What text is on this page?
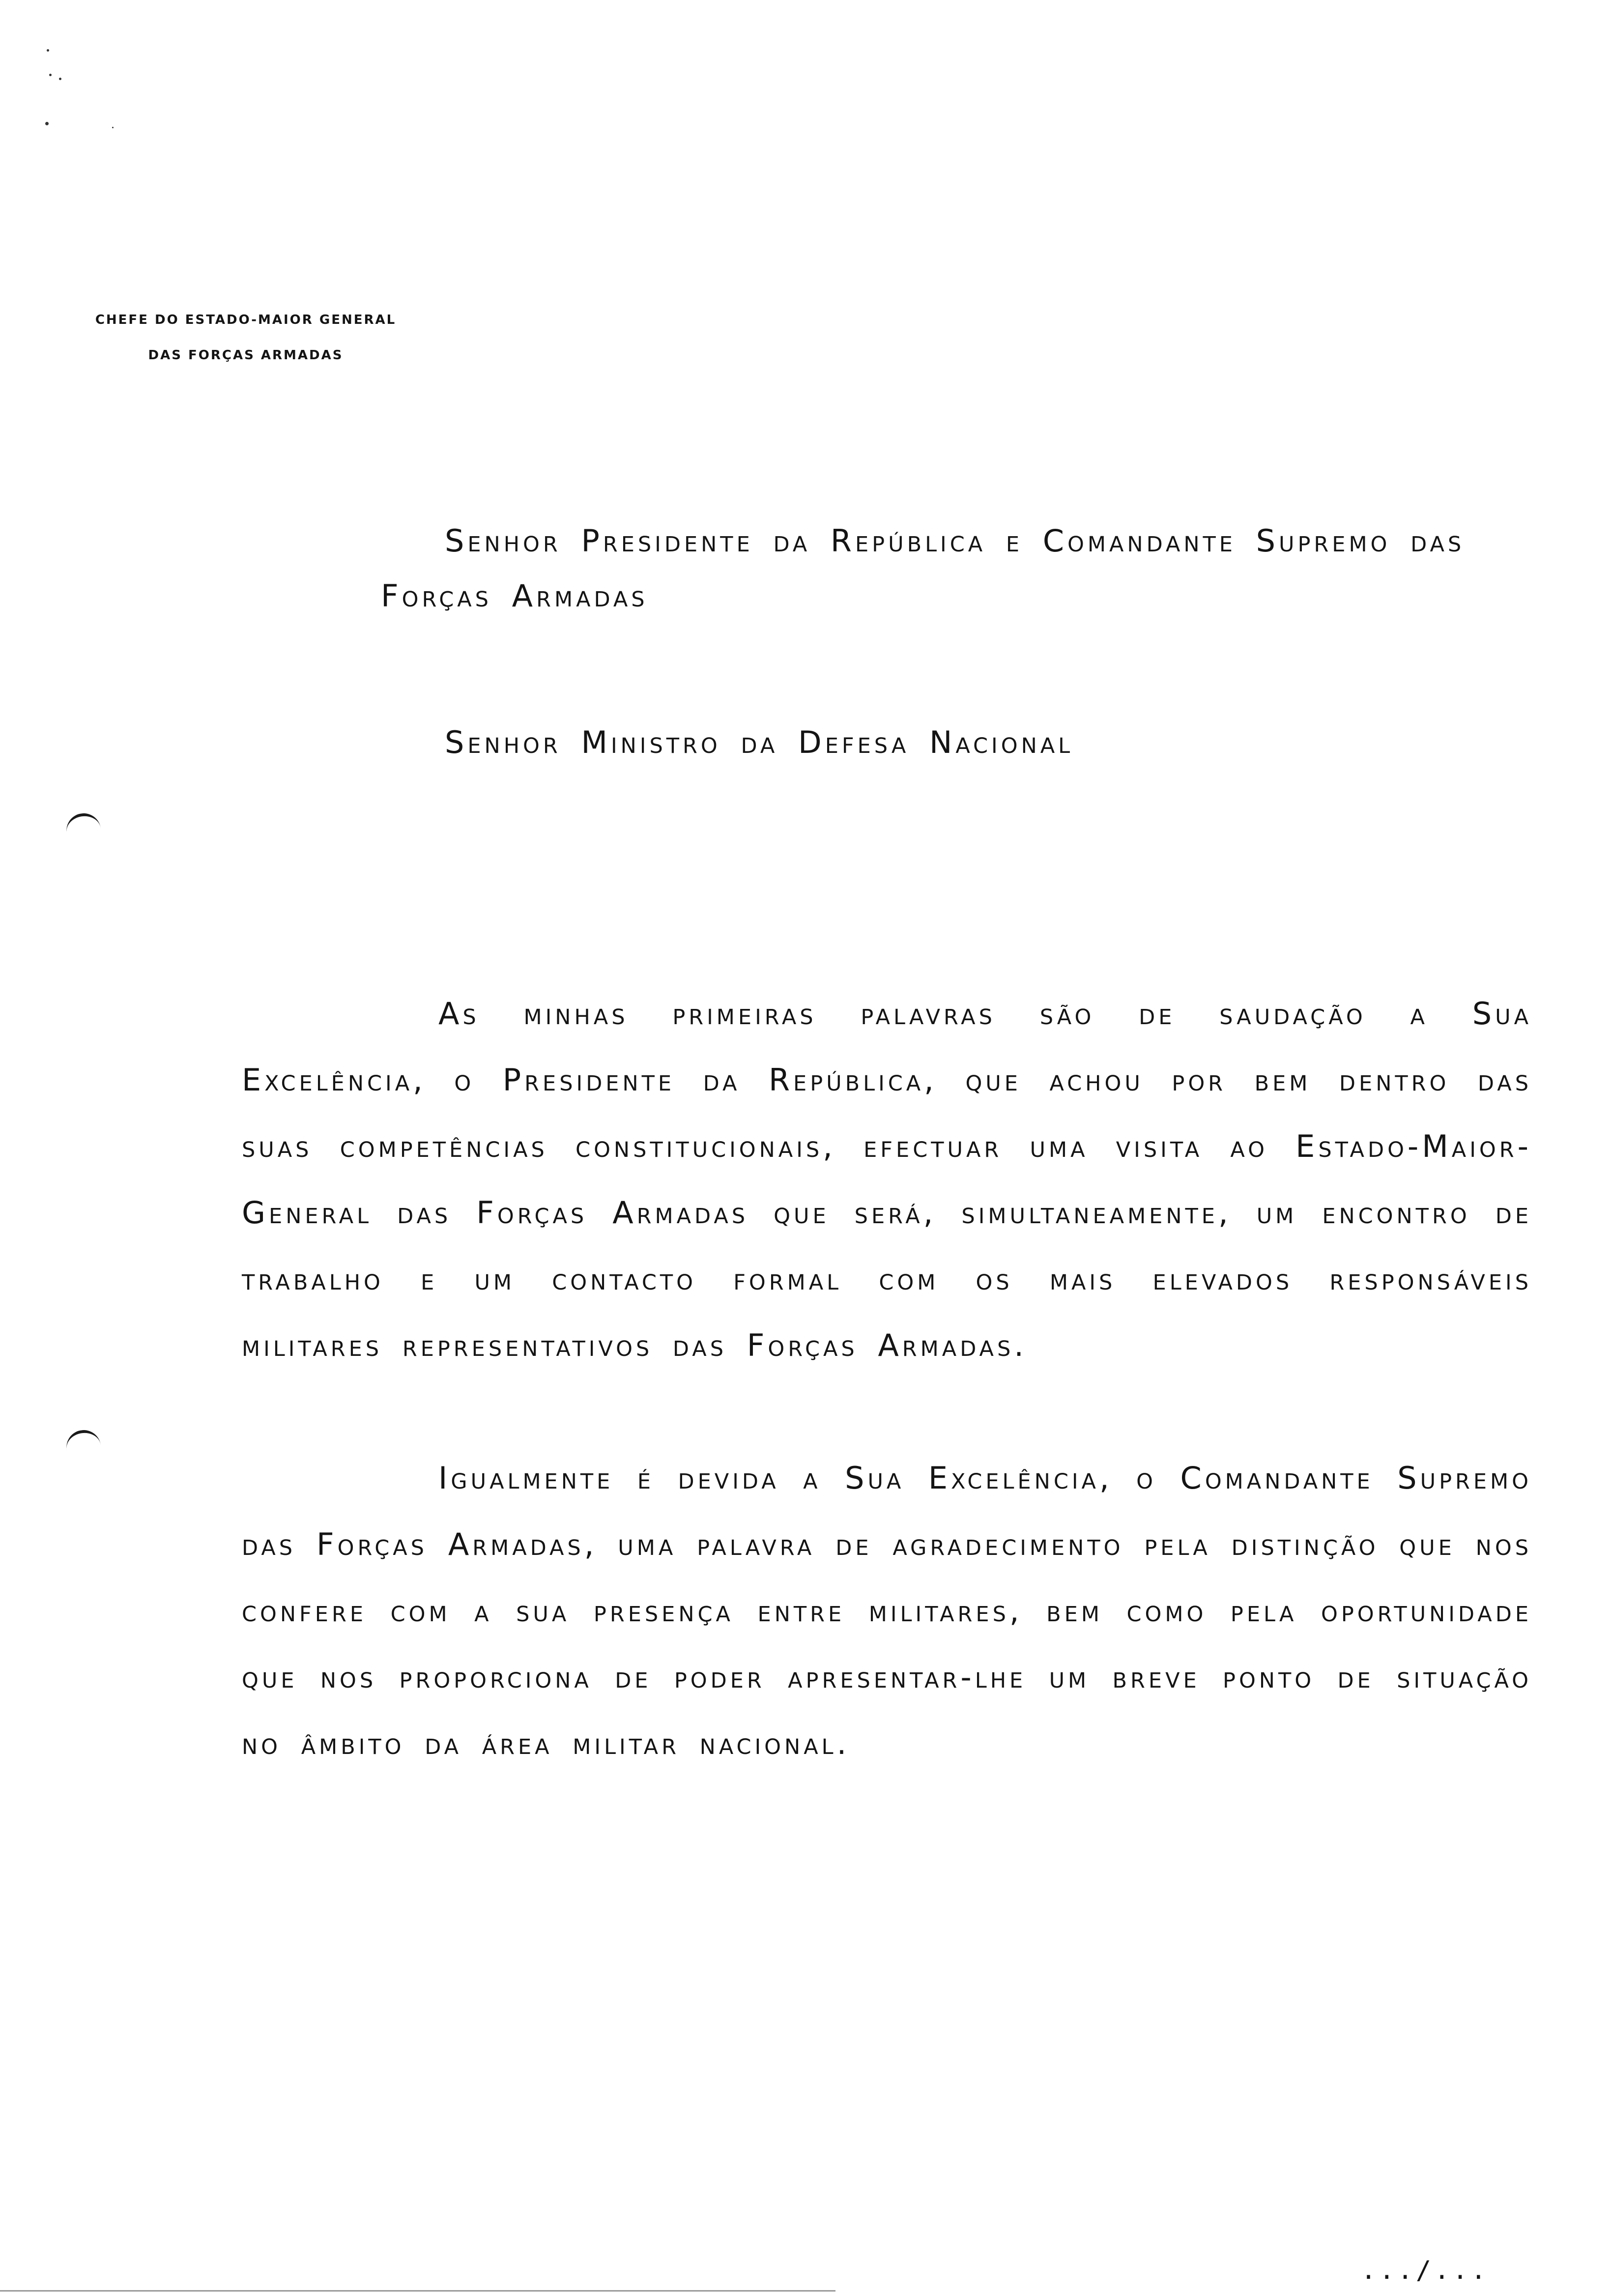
CHEFE DO ESTADO-MAIOR GENERAL
DAS FORÇAS ARMADAS

Senhor Presidente da República e Comandante Supremo das Forças Armadas

Senhor Ministro da Defesa Nacional

As minhas primeiras palavras são de saudação a Sua Excelência, o Presidente da República, que achou por bem dentro das suas competências constitucionais, efectuar uma visita ao Estado-Maior-General das Forças Armadas que será, simultaneamente, um encontro de trabalho e um contacto formal com os mais elevados responsáveis militares representativos das Forças Armadas.

Igualmente é devida a Sua Excelência, o Comandante Supremo das Forças Armadas, uma palavra de agradecimento pela distinção que nos confere com a sua presença entre militares, bem como pela oportunidade que nos proporciona de poder apresentar-lhe um breve ponto de situação no âmbito da área militar nacional.

.../...
